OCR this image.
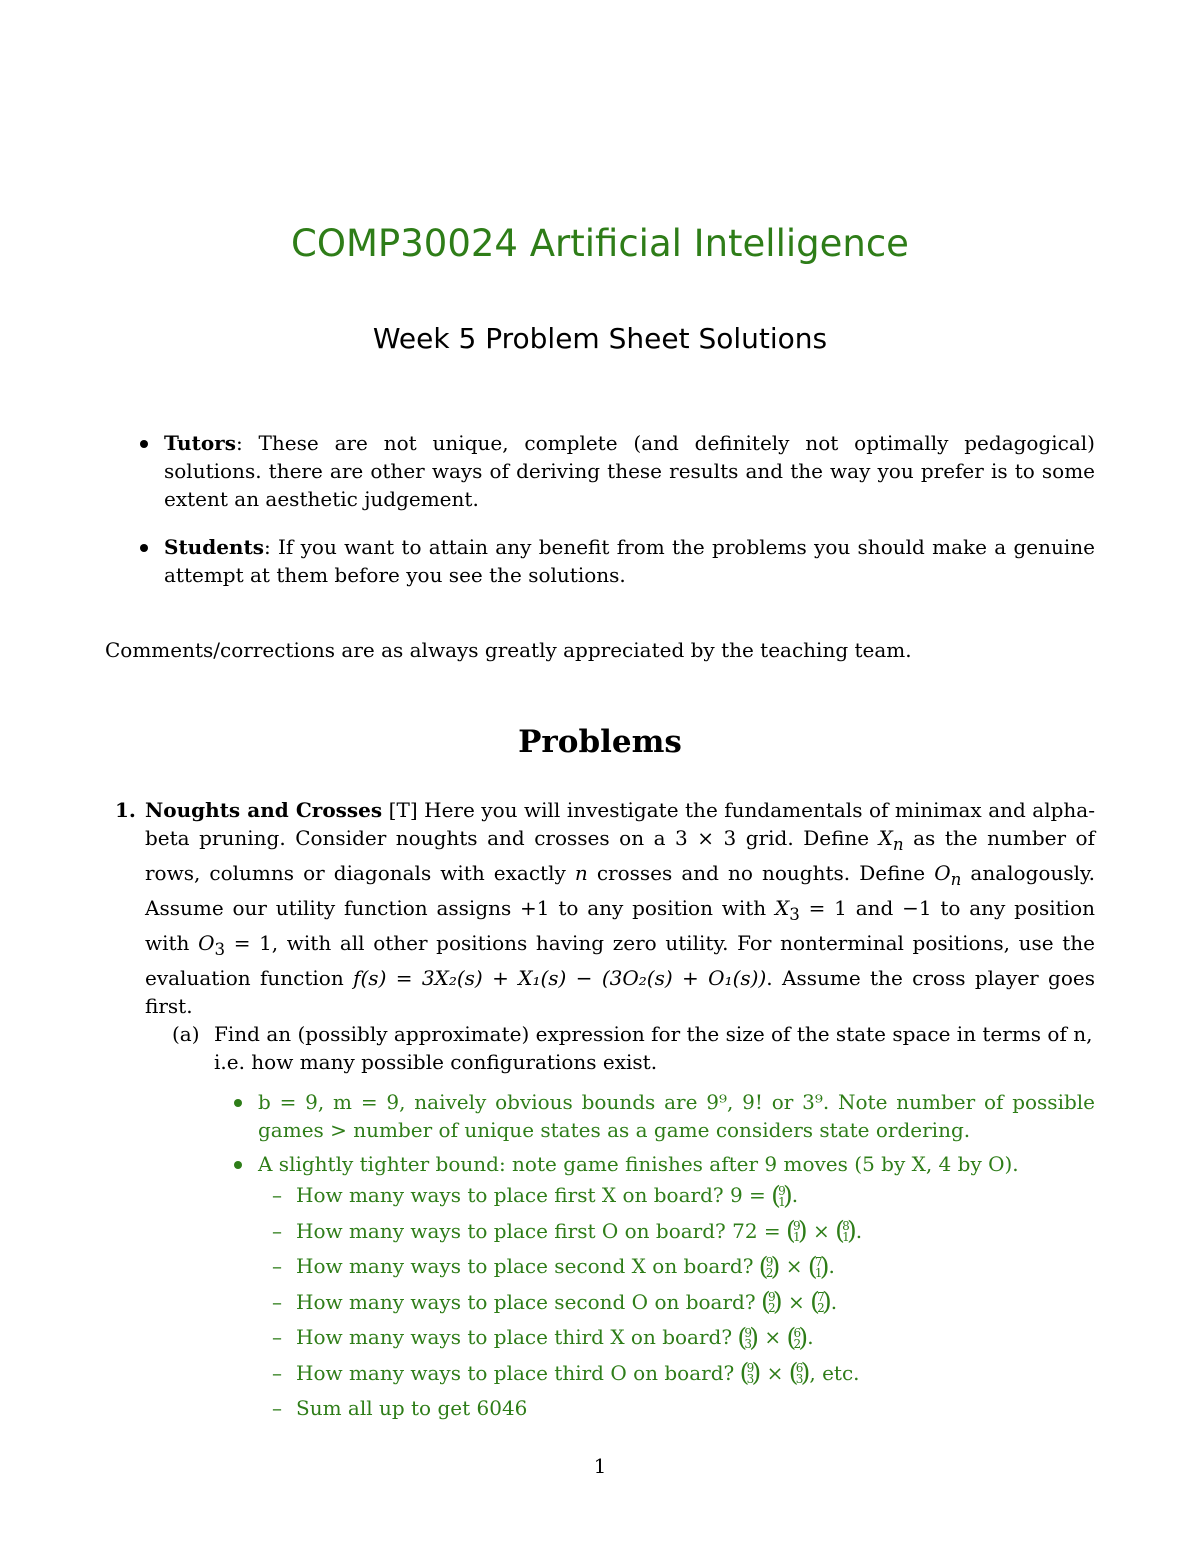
COMP30024 Artificial Intelligence
Week 5 Problem Sheet Solutions
Tutors: These are not unique, complete (and definitely not optimally pedagogical) solutions. there are other ways of deriving these results and the way you prefer is to some extent an aesthetic judgement.
Students: If you want to attain any benefit from the problems you should make a genuine attempt at them before you see the solutions.
Comments/corrections are as always greatly appreciated by the teaching team.
Problems
1. Noughts and Crosses [T] Here you will investigate the fundamentals of minimax and alpha-beta pruning. Consider noughts and crosses on a 3 × 3 grid. Define $X_n$ as the number of rows, columns or diagonals with exactly n crosses and no noughts. Define $O_n$ analogously. Assume our utility function assigns +1 to any position with $X_3 = 1$ and −1 to any position with $O_3 = 1$, with all other positions having zero utility. For nonterminal positions, use the evaluation function f(s) = 3X₂(s) + X₁(s) − (3O₂(s) + O₁(s)). Assume the cross player goes first.
(a) Find an (possibly approximate) expression for the size of the state space in terms of n, i.e. how many possible configurations exist.
b = 9, m = 9, naively obvious bounds are 9⁹, 9! or 3⁹. Note number of possible games > number of unique states as a game considers state ordering.
A slightly tighter bound: note game finishes after 9 moves (5 by X, 4 by O).
– How many ways to place first X on board? 9 = ( 9
1
) .
– How many ways to place first O on board? 72 = ( 9
1
) × ( 8
1
) .
– How many ways to place second X on board? ( 9
2
) × ( 7
1
) .
– How many ways to place second O on board? ( 9
2
) × ( 7
2
) .
– How many ways to place third X on board? ( 9
3
) × ( 6
2
) .
– How many ways to place third O on board? ( 9
3
) × ( 6
3
) , etc.
– Sum all up to get 6046
1
